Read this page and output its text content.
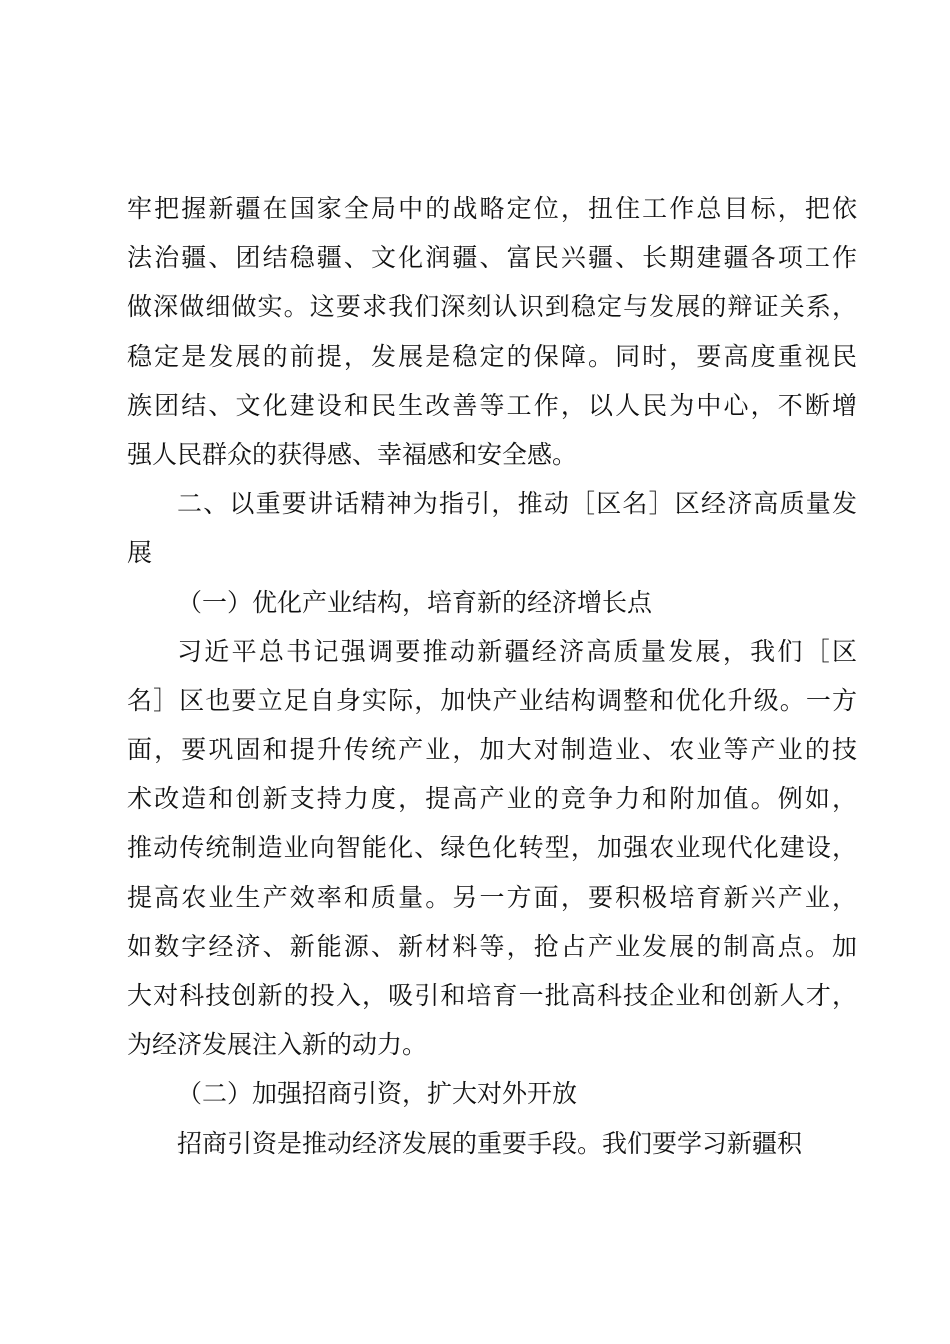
牢把握新疆在国家全局中的战略定位，扭住工作总目标，把依
法治疆、团结稳疆、文化润疆、富民兴疆、长期建疆各项工作
做深做细做实。这要求我们深刻认识到稳定与发展的辩证关系，
稳定是发展的前提，发展是稳定的保障。同时，要高度重视民
族团结、文化建设和民生改善等工作，以人民为中心，不断增
强人民群众的获得感、幸福感和安全感。
二、以重要讲话精神为指引，推动［区名］区经济高质量发
展
（一）优化产业结构，培育新的经济增长点
习近平总书记强调要推动新疆经济高质量发展，我们［区
名］区也要立足自身实际，加快产业结构调整和优化升级。一方
面，要巩固和提升传统产业，加大对制造业、农业等产业的技
术改造和创新支持力度，提高产业的竞争力和附加值。例如，
推动传统制造业向智能化、绿色化转型，加强农业现代化建设，
提高农业生产效率和质量。另一方面，要积极培育新兴产业，
如数字经济、新能源、新材料等，抢占产业发展的制高点。加
大对科技创新的投入，吸引和培育一批高科技企业和创新人才，
为经济发展注入新的动力。
（二）加强招商引资，扩大对外开放
招商引资是推动经济发展的重要手段。我们要学习新疆积
